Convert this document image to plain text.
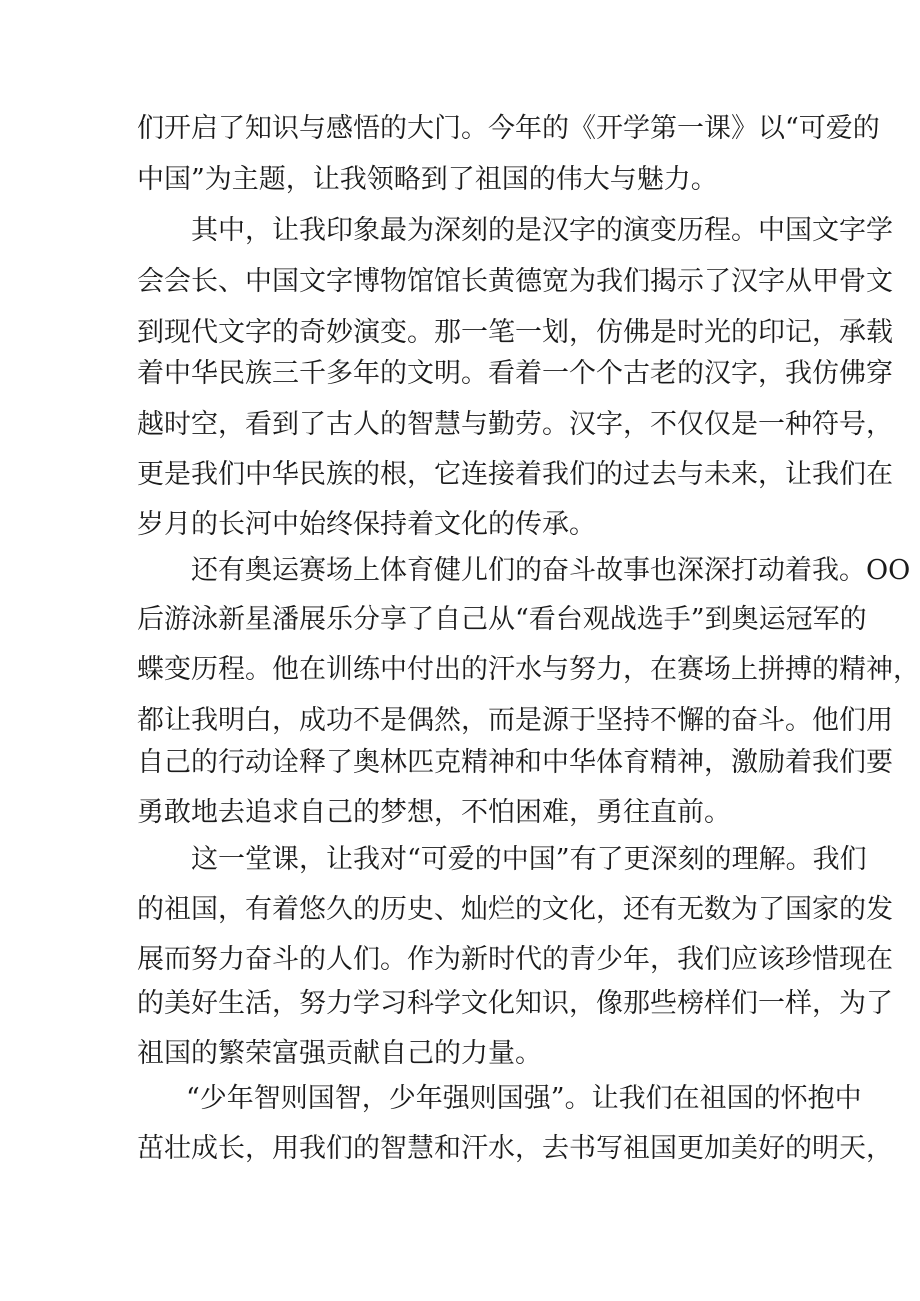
们开启了知识与感悟的大门。今年的《开学第一课》以“可爱的
中国”为主题，让我领略到了祖国的伟大与魅力。
其中，让我印象最为深刻的是汉字的演变历程。中国文字学
会会长、中国文字博物馆馆长黄德宽为我们揭示了汉字从甲骨文
到现代文字的奇妙演变。那一笔一划，仿佛是时光的印记，承载
着中华民族三千多年的文明。看着一个个古老的汉字，我仿佛穿
越时空，看到了古人的智慧与勤劳。汉字，不仅仅是一种符号，
更是我们中华民族的根，它连接着我们的过去与未来，让我们在
岁月的长河中始终保持着文化的传承。
还有奥运赛场上体育健儿们的奋斗故事也深深打动着我。OO
后游泳新星潘展乐分享了自己从“看台观战选手”到奥运冠军的
蝶变历程。他在训练中付出的汗水与努力，在赛场上拼搏的精神，
都让我明白，成功不是偶然，而是源于坚持不懈的奋斗。他们用
自己的行动诠释了奥林匹克精神和中华体育精神，激励着我们要
勇敢地去追求自己的梦想，不怕困难，勇往直前。
这一堂课，让我对“可爱的中国”有了更深刻的理解。我们
的祖国，有着悠久的历史、灿烂的文化，还有无数为了国家的发
展而努力奋斗的人们。作为新时代的青少年，我们应该珍惜现在
的美好生活，努力学习科学文化知识，像那些榜样们一样，为了
祖国的繁荣富强贡献自己的力量。
“少年智则国智，少年强则国强”。让我们在祖国的怀抱中
茁壮成长，用我们的智慧和汗水，去书写祖国更加美好的明天，
